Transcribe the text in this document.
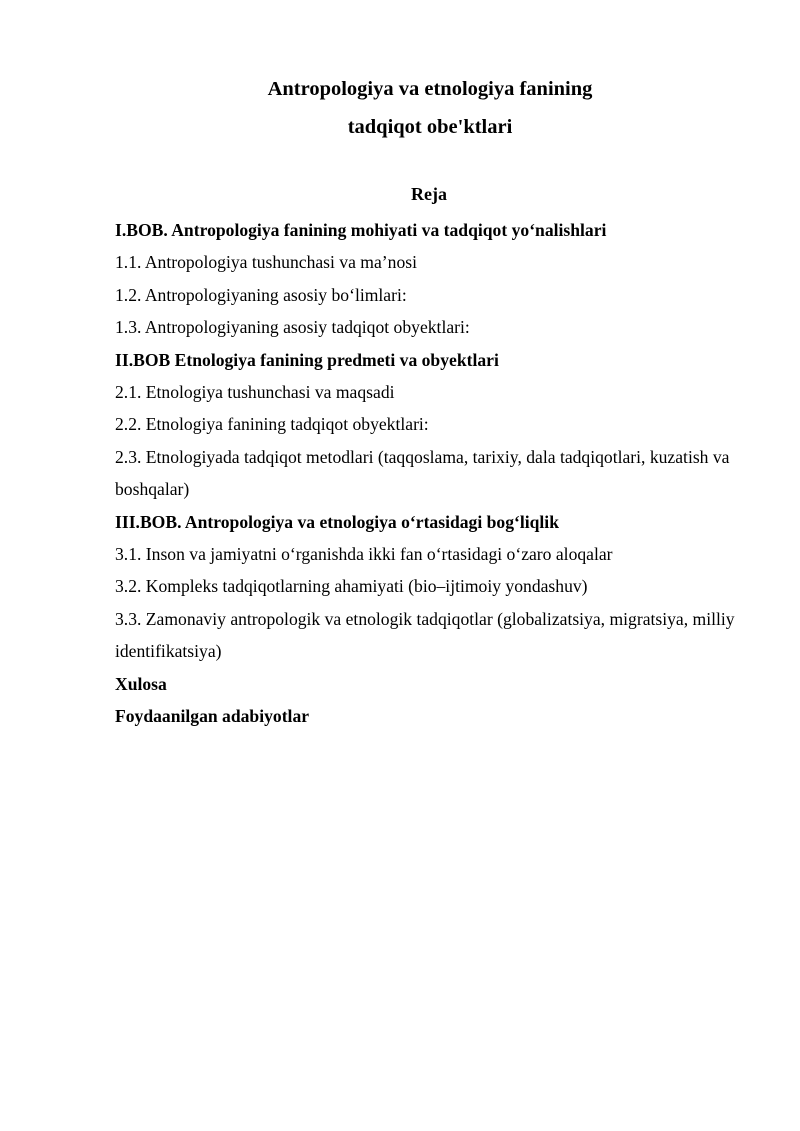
Antropologiya va etnologiya fanining
tadqiqot obe'ktlari
Reja
I.BOB. Antropologiya fanining mohiyati va tadqiqot yo‘nalishlari
1.1. Antropologiya tushunchasi va ma’nosi
1.2. Antropologiyaning asosiy bo‘limlari:
1.3. Antropologiyaning asosiy tadqiqot obyektlari:
II.BOB Etnologiya fanining predmeti va obyektlari
2.1. Etnologiya tushunchasi va maqsadi
2.2. Etnologiya fanining tadqiqot obyektlari:
2.3. Etnologiyada tadqiqot metodlari (taqqoslama, tarixiy, dala tadqiqotlari, kuzatish va boshqalar)
III.BOB. Antropologiya va etnologiya o‘rtasidagi bog‘liqlik
3.1. Inson va jamiyatni o‘rganishda ikki fan o‘rtasidagi o‘zaro aloqalar
3.2. Kompleks tadqiqotlarning ahamiyati (bio–ijtimoiy yondashuv)
3.3. Zamonaviy antropologik va etnologik tadqiqotlar (globalizatsiya, migratsiya, milliy identifikatsiya)
Xulosa
Foydaanilgan adabiyotlar
